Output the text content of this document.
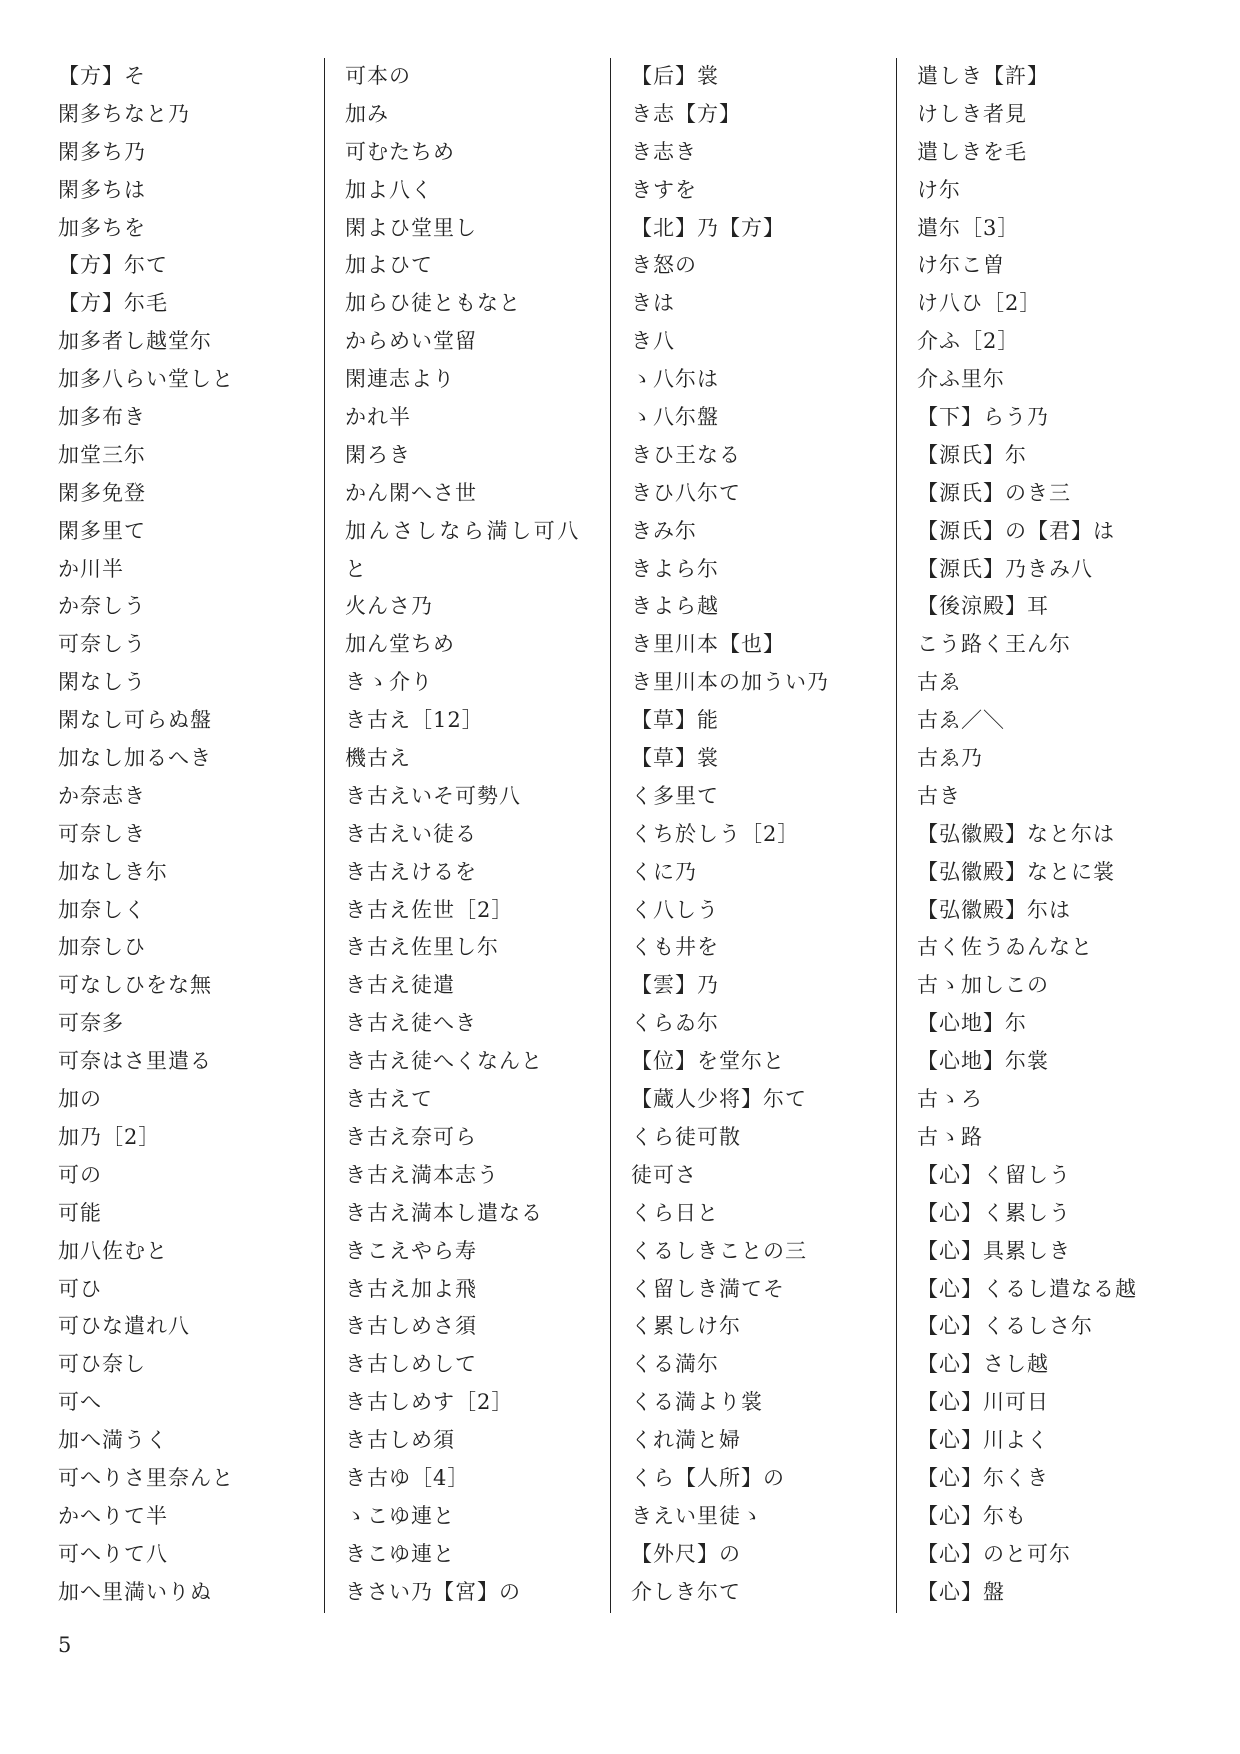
【方】そ
閑多ちなと乃
閑多ち乃
閑多ちは
加多ちを
【方】尓て
【方】尓毛
加多者し越堂尓
加多八らい堂しと
加多布き
加堂三尓
閑多免登
閑多里て
か川半
か奈しう
可奈しう
閑なしう
閑なし可らぬ盤
加なし加るへき
か奈志き
可奈しき
加なしき尓
加奈しく
加奈しひ
可なしひをな無
可奈多
可奈はさ里遣る
加の
加乃［2］
可の
可能
加八佐むと
可ひ
可ひな遣れ八
可ひ奈し
可へ
加へ満うく
可へりさ里奈んと
かへりて半
可へりて八
加へ里満いりぬ
可本の
加み
可むたちめ
加よ八く
閑よひ堂里し
加よひて
加らひ徒ともなと
からめい堂留
閑連志より
かれ半
閑ろき
かん閑へさ世
加んさしなら満し可八
と
火んさ乃
加ん堂ちめ
きゝ介り
き古え［12］
機古え
き古えいそ可勢八
き古えい徒る
き古えけるを
き古え佐世［2］
き古え佐里し尓
き古え徒遣
き古え徒へき
き古え徒へくなんと
き古えて
き古え奈可ら
き古え満本志う
き古え満本し遣なる
きこえやら寿
き古え加よ飛
き古しめさ須
き古しめして
き古しめす［2］
き古しめ須
き古ゆ［4］
ゝこゆ連と
きこゆ連と
きさい乃【宮】の
【后】裳
き志【方】
き志き
きすを
【北】乃【方】
き怒の
きは
き八
ゝ八尓は
ゝ八尓盤
きひ王なる
きひ八尓て
きみ尓
きよら尓
きよら越
き里川本【也】
き里川本の加うい乃
【草】能
【草】裳
く多里て
くち於しう［2］
くに乃
く八しう
くも井を
【雲】乃
くらゐ尓
【位】を堂尓と
【蔵人少将】尓て
くら徒可散
徒可さ
くら日と
くるしきことの三
く留しき満てそ
く累しけ尓
くる満尓
くる満より裳
くれ満と婦
くら【人所】の
きえい里徒ゝ
【外尺】の
介しき尓て
遣しき【許】
けしき者見
遣しきを毛
け尓
遣尓［3］
け尓こ曽
け八ひ［2］
介ふ［2］
介ふ里尓
【下】らう乃
【源氏】尓
【源氏】のき三
【源氏】の【君】は
【源氏】乃きみ八
【後涼殿】耳
こう路く王ん尓
古ゑ
古ゑ／＼
古ゑ乃
古き
【弘徽殿】なと尓は
【弘徽殿】なとに裳
【弘徽殿】尓は
古く佐うゐんなと
古ゝ加しこの
【心地】尓
【心地】尓裳
古ゝろ
古ゝ路
【心】く留しう
【心】く累しう
【心】具累しき
【心】くるし遣なる越
【心】くるしさ尓
【心】さし越
【心】川可日
【心】川よく
【心】尓くき
【心】尓も
【心】のと可尓
【心】盤
5
